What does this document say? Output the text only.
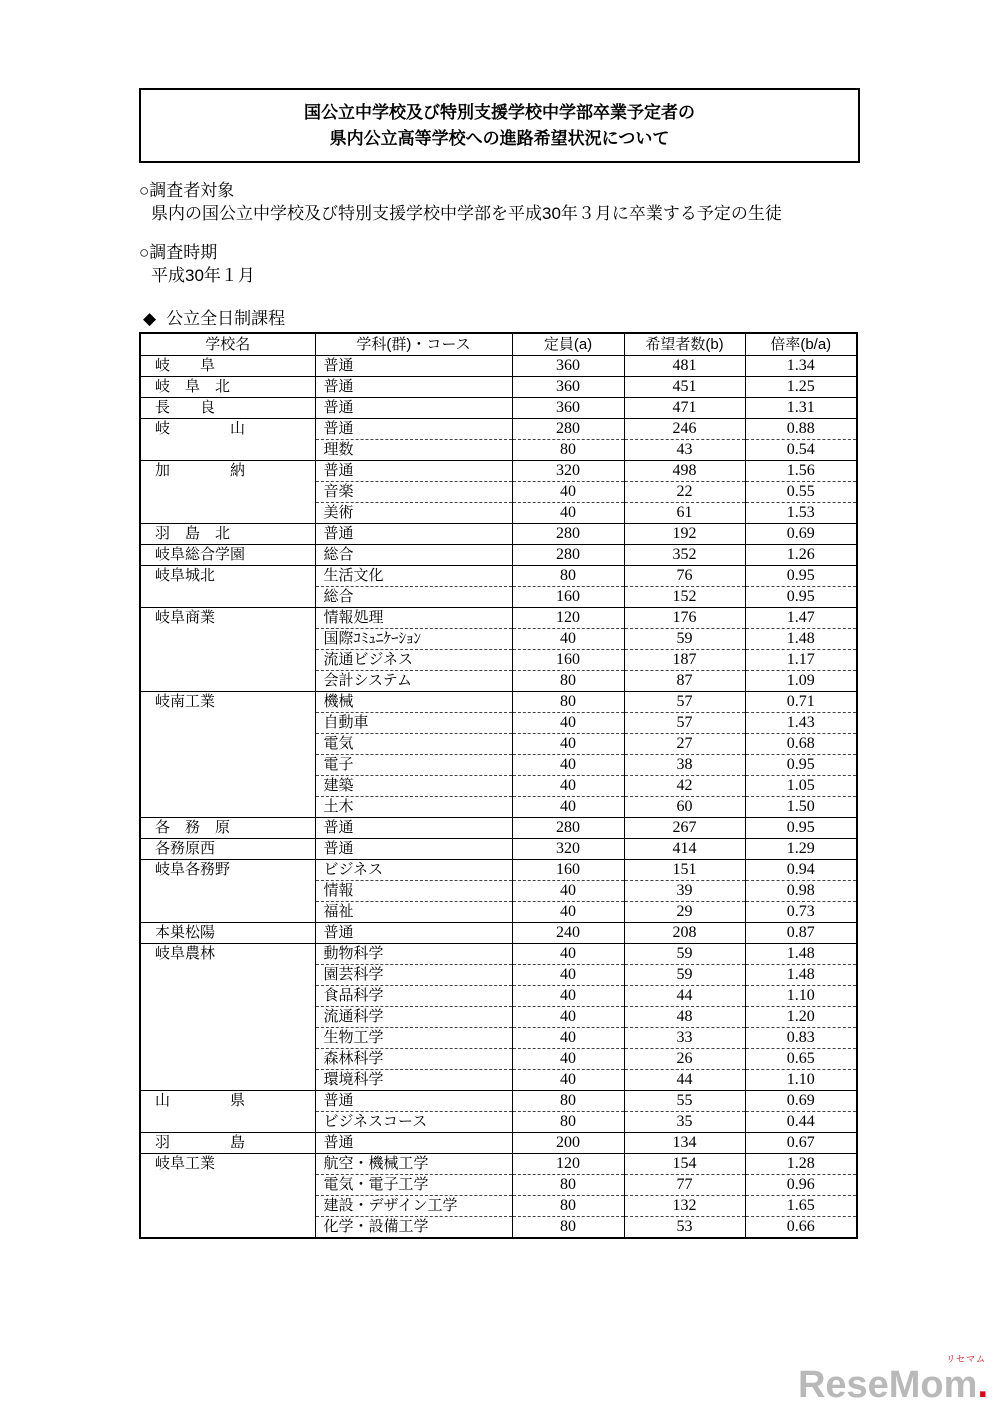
国公立中学校及び特別支援学校中学部卒業予定者の
県内公立高等学校への進路希望状況について
○調査者対象
県内の国公立中学校及び特別支援学校中学部を平成30年３月に卒業する予定の生徒
○調査時期
平成30年１月
◆ 公立全日制課程
学校名	学科(群)・コース	定員(a)	希望者数(b)	倍率(b/a)
岐　　阜	普通	360	481	1.34
岐　阜　北	普通	360	451	1.25
長　　良	普通	360	471	1.31
岐　　　　山	普通	280	246	0.88
	理数	80	43	0.54
加　　　　納	普通	320	498	1.56
	音楽	40	22	0.55
	美術	40	61	1.53
羽　島　北	普通	280	192	0.69
岐阜総合学園	総合	280	352	1.26
岐阜城北	生活文化	80	76	0.95
	総合	160	152	0.95
岐阜商業	情報処理	120	176	1.47
	国際ｺﾐｭﾆｹｰｼｮﾝ	40	59	1.48
	流通ビジネス	160	187	1.17
	会計システム	80	87	1.09
岐南工業	機械	80	57	0.71
	自動車	40	57	1.43
	電気	40	27	0.68
	電子	40	38	0.95
	建築	40	42	1.05
	土木	40	60	1.50
各　務　原	普通	280	267	0.95
各務原西	普通	320	414	1.29
岐阜各務野	ビジネス	160	151	0.94
	情報	40	39	0.98
	福祉	40	29	0.73
本巣松陽	普通	240	208	0.87
岐阜農林	動物科学	40	59	1.48
	園芸科学	40	59	1.48
	食品科学	40	44	1.10
	流通科学	40	48	1.20
	生物工学	40	33	0.83
	森林科学	40	26	0.65
	環境科学	40	44	1.10
山　　　　県	普通	80	55	0.69
	ビジネスコース	80	35	0.44
羽　　　　島	普通	200	134	0.67
岐阜工業	航空・機械工学	120	154	1.28
	電気・電子工学	80	77	0.96
	建設・デザイン工学	80	132	1.65
	化学・設備工学	80	53	0.66
リセマム
ReseMom.
